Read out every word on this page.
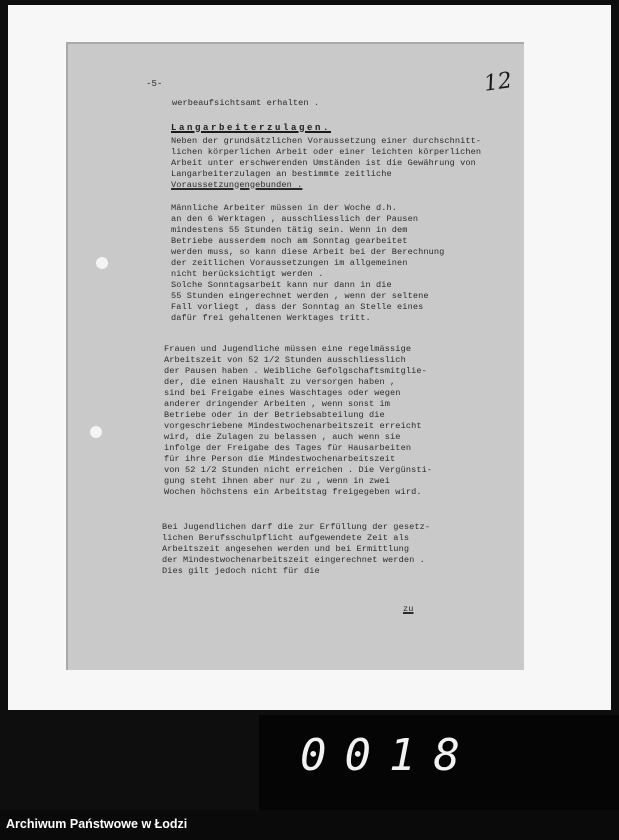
-5-	12

werbeaufsichtsamt erhalten .

Langarbeiterzulagen.

Neben der grundsätzlichen Voraussetzung einer durchschnitt-

lichen körperlichen Arbeit oder einer leichten körperlichen

Arbeit unter erschwerenden Umständen ist die Gewährung von

Langarbeiterzulagen an bestimmte zeitliche

Voraussetzungengebunden .

Männliche Arbeiter müssen in der Woche d.h.

an den 6 Werktagen , ausschliesslich der Pausen

mindestens 55 Stunden tätig sein. Wenn in dem

Betriebe ausserdem noch am Sonntag gearbeitet

werden muss, so kann diese Arbeit bei der Berechnung

der zeitlichen Voraussetzungen im allgemeinen

nicht berücksichtigt werden .

Solche Sonntagsarbeit kann nur dann in die

55 Stunden eingerechnet werden , wenn der seltene

Fall vorliegt , dass der Sonntag an Stelle eines

dafür frei gehaltenen Werktages tritt.

Frauen und Jugendliche müssen eine regelmässige

Arbeitszeit von 52 1/2 Stunden ausschliesslich

der Pausen haben . Weibliche Gefolgschaftsmitglie-

der, die einen Haushalt zu versorgen haben ,

sind bei Freigabe eines Waschtages oder wegen

anderer dringender Arbeiten , wenn sonst im

Betriebe oder in der Betriebsabteilung die

vorgeschriebene Mindestwochenarbeitszeit erreicht

wird, die Zulagen zu belassen , auch wenn sie

infolge der Freigabe des Tages für Hausarbeiten

für ihre Person die Mindestwochenarbeitszeit

von 52 1/2 Stunden nicht erreichen . Die Vergünsti-

gung steht ihnen aber nur zu , wenn in zwei

Wochen höchstens ein Arbeitstag freigegeben wird.

Bei Jugendlichen darf die zur Erfüllung der gesetz-

lichen Berufsschulpflicht aufgewendete Zeit als

Arbeitszeit angesehen werden und bei Ermittlung

der Mindestwochenarbeitszeit eingerechnet werden .

Dies gilt jedoch nicht für die

zu

0018
Archiwum Państwowe w Łodzi
